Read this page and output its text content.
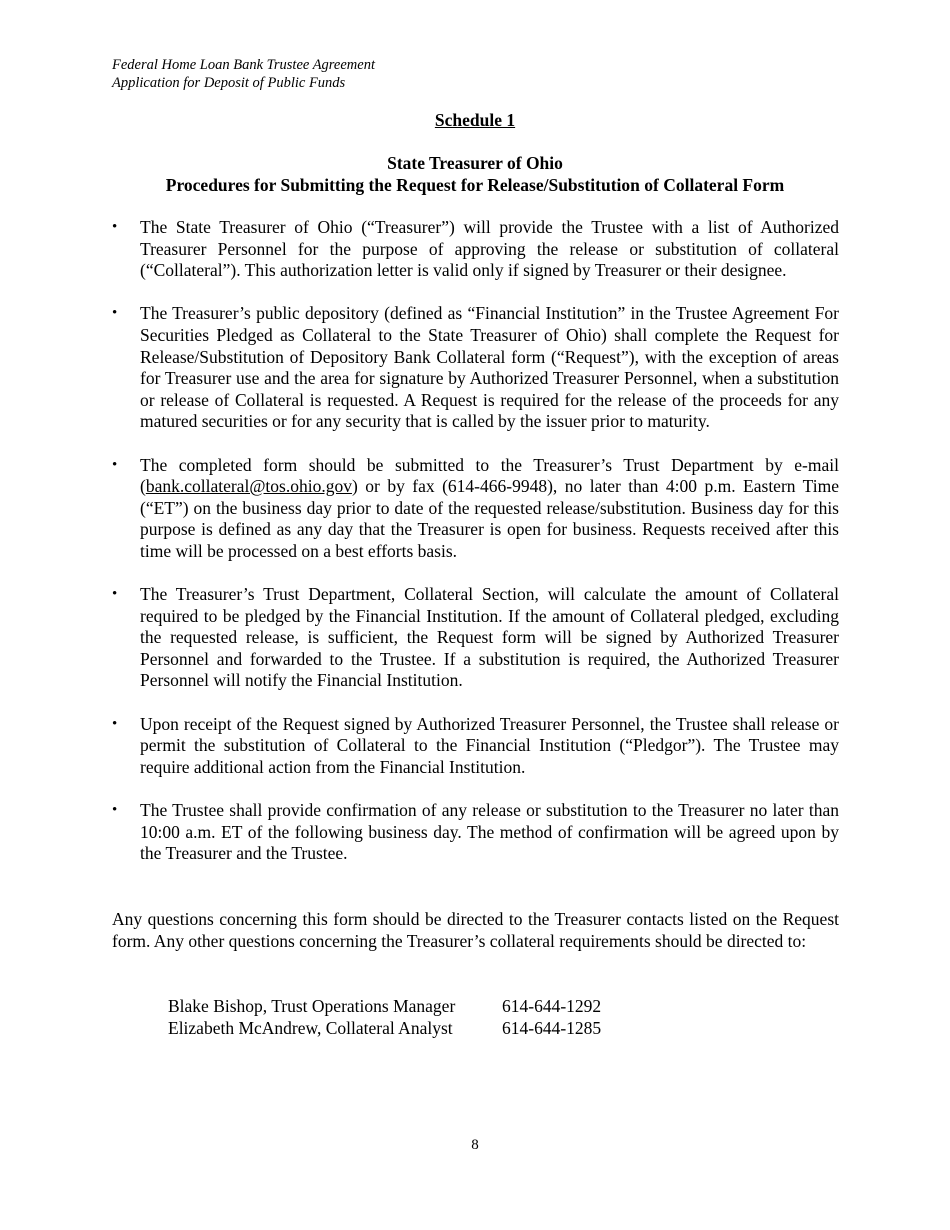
Federal Home Loan Bank Trustee Agreement
Application for Deposit of Public Funds
Schedule 1
State Treasurer of Ohio
Procedures for Submitting the Request for Release/Substitution of Collateral Form
• The State Treasurer of Ohio (“Treasurer”) will provide the Trustee with a list of Authorized Treasurer Personnel for the purpose of approving the release or substitution of collateral (“Collateral”). This authorization letter is valid only if signed by Treasurer or their designee.
• The Treasurer’s public depository (defined as “Financial Institution” in the Trustee Agreement For Securities Pledged as Collateral to the State Treasurer of Ohio) shall complete the Request for Release/Substitution of Depository Bank Collateral form (“Request”), with the exception of areas for Treasurer use and the area for signature by Authorized Treasurer Personnel, when a substitution or release of Collateral is requested. A Request is required for the release of the proceeds for any matured securities or for any security that is called by the issuer prior to maturity.
• The completed form should be submitted to the Treasurer’s Trust Department by e-mail (bank.collateral@tos.ohio.gov) or by fax (614-466-9948), no later than 4:00 p.m. Eastern Time (“ET”) on the business day prior to date of the requested release/substitution. Business day for this purpose is defined as any day that the Treasurer is open for business. Requests received after this time will be processed on a best efforts basis.
• The Treasurer’s Trust Department, Collateral Section, will calculate the amount of Collateral required to be pledged by the Financial Institution. If the amount of Collateral pledged, excluding the requested release, is sufficient, the Request form will be signed by Authorized Treasurer Personnel and forwarded to the Trustee. If a substitution is required, the Authorized Treasurer Personnel will notify the Financial Institution.
• Upon receipt of the Request signed by Authorized Treasurer Personnel, the Trustee shall release or permit the substitution of Collateral to the Financial Institution (“Pledgor”). The Trustee may require additional action from the Financial Institution.
• The Trustee shall provide confirmation of any release or substitution to the Treasurer no later than 10:00 a.m. ET of the following business day. The method of confirmation will be agreed upon by the Treasurer and the Trustee.
Any questions concerning this form should be directed to the Treasurer contacts listed on the Request form. Any other questions concerning the Treasurer’s collateral requirements should be directed to:
Blake Bishop, Trust Operations Manager	614-644-1292
Elizabeth McAndrew, Collateral Analyst	614-644-1285
8
